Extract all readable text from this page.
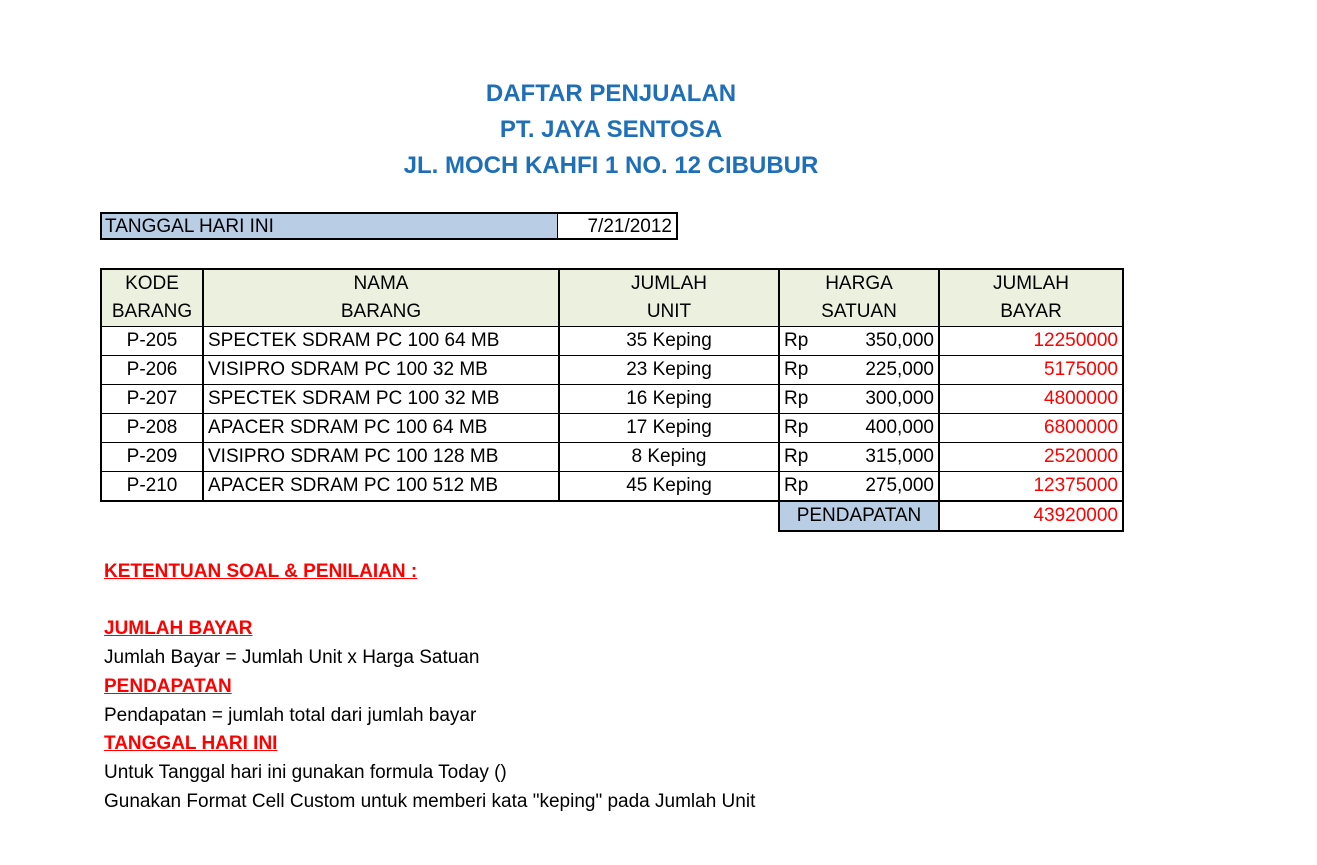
DAFTAR PENJUALAN
PT. JAYA SENTOSA
JL. MOCH KAHFI 1 NO. 12 CIBUBUR
TANGGAL HARI INI	7/21/2012
KODE	NAMA	JUMLAH	HARGA	JUMLAH
BARANG	BARANG	UNIT	SATUAN	BAYAR
P-205	SPECTEK SDRAM PC 100 64 MB	35 Keping	Rp 350,000	12250000
P-206	VISIPRO SDRAM PC 100 32 MB	23 Keping	Rp 225,000	5175000
P-207	SPECTEK SDRAM PC 100 32 MB	16 Keping	Rp 300,000	4800000
P-208	APACER SDRAM PC 100 64 MB	17 Keping	Rp 400,000	6800000
P-209	VISIPRO SDRAM PC 100 128 MB	8 Keping	Rp 315,000	2520000
P-210	APACER SDRAM PC 100 512 MB	45 Keping	Rp 275,000	12375000
			PENDAPATAN	43920000
KETENTUAN SOAL & PENILAIAN :
JUMLAH BAYAR
Jumlah Bayar = Jumlah Unit x Harga Satuan
PENDAPATAN
Pendapatan = jumlah total dari jumlah bayar
TANGGAL HARI INI
Untuk Tanggal hari ini gunakan formula Today ()
Gunakan Format Cell Custom untuk memberi kata "keping" pada Jumlah Unit
